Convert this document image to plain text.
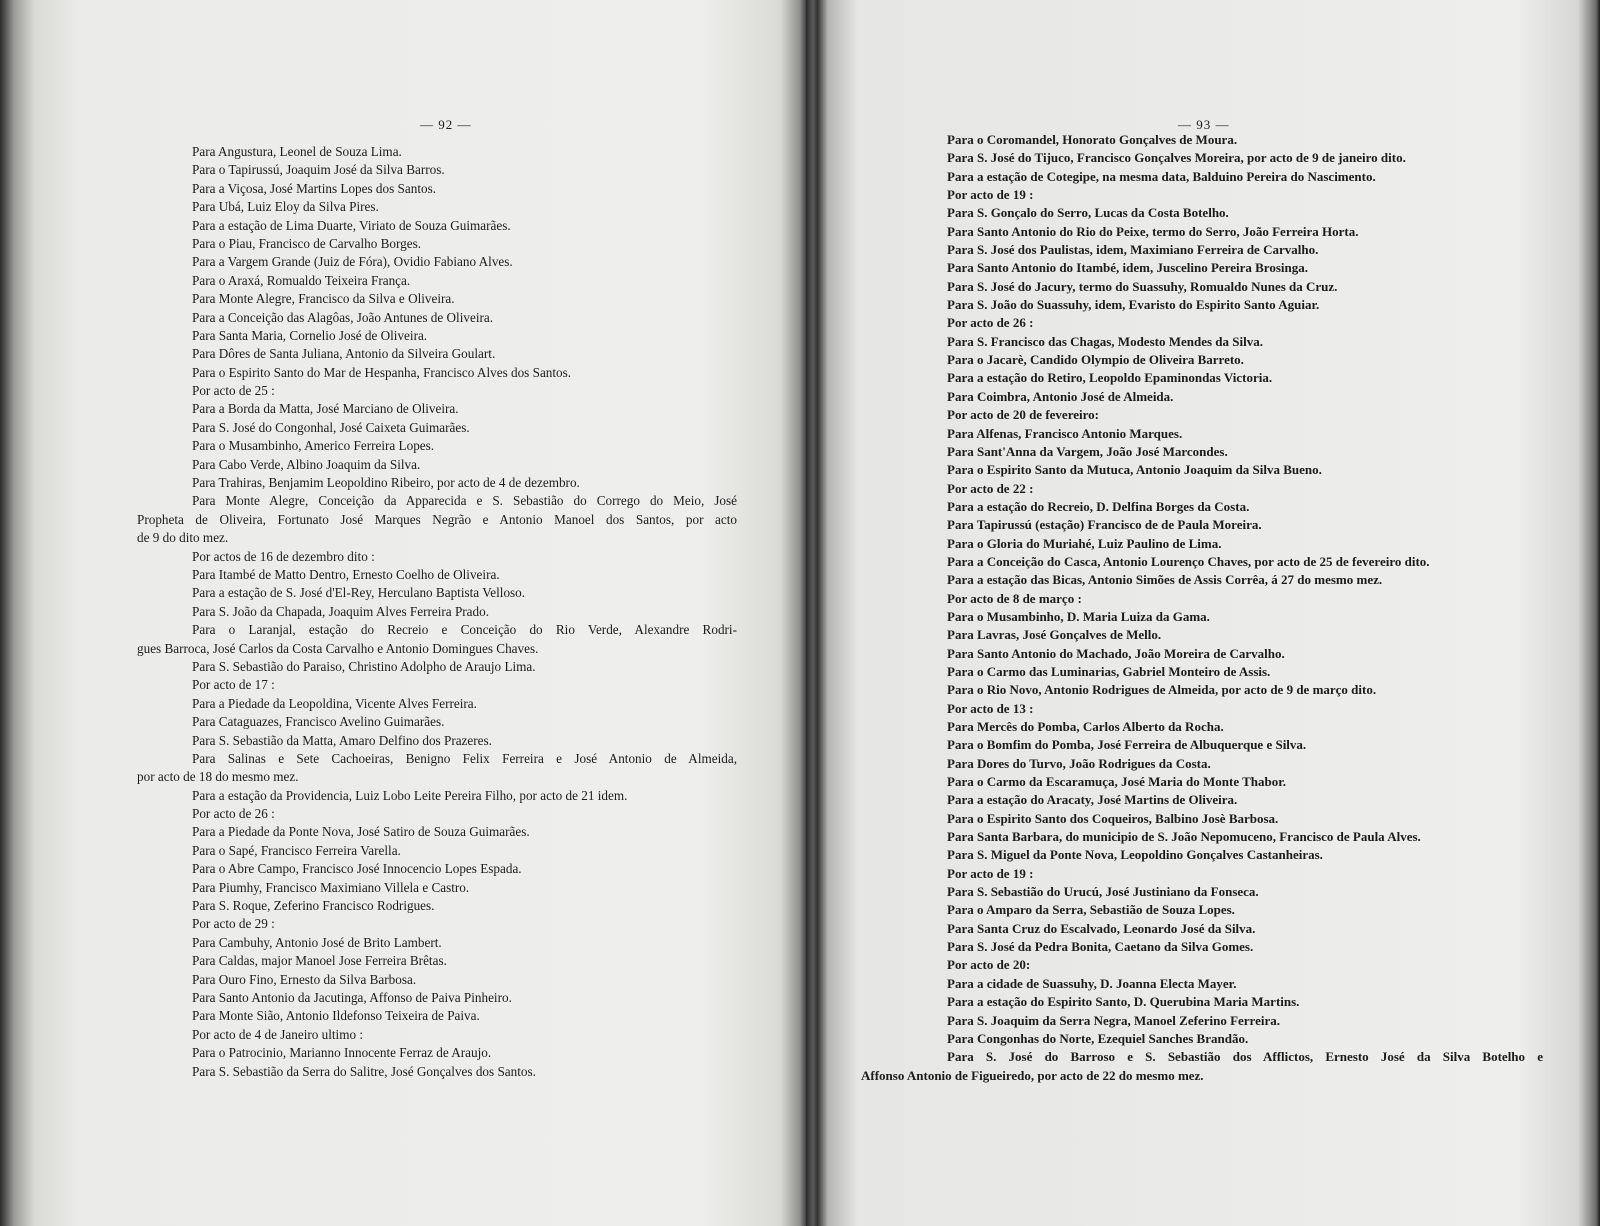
— 92 —
Para Angustura, Leonel de Souza Lima.
Para o Tapirussú, Joaquim José da Silva Barros.
Para a Viçosa, José Martins Lopes dos Santos.
Para Ubá, Luiz Eloy da Silva Pires.
Para a estação de Lima Duarte, Viriato de Souza Guimarães.
Para o Piau, Francisco de Carvalho Borges.
Para a Vargem Grande (Juiz de Fóra), Ovidio Fabiano Alves.
Para o Araxá, Romualdo Teixeira França.
Para Monte Alegre, Francisco da Silva e Oliveira.
Para a Conceição das Alagôas, João Antunes de Oliveira.
Para Santa Maria, Cornelio José de Oliveira.
Para Dôres de Santa Juliana, Antonio da Silveira Goulart.
Para o Espirito Santo do Mar de Hespanha, Francisco Alves dos Santos.
Por acto de 25 :
Para a Borda da Matta, José Marciano de Oliveira.
Para S. José do Congonhal, José Caixeta Guimarães.
Para o Musambinho, Americo Ferreira Lopes.
Para Cabo Verde, Albino Joaquim da Silva.
Para Trahiras, Benjamim Leopoldino Ribeiro, por acto de 4 de dezembro.
Para Monte Alegre, Conceição da Apparecida e S. Sebastião do Corrego do Meio, José
Propheta de Oliveira, Fortunato José Marques Negrão e Antonio Manoel dos Santos, por acto
de 9 do dito mez.
Por actos de 16 de dezembro dito :
Para Itambé de Matto Dentro, Ernesto Coelho de Oliveira.
Para a estação de S. José d'El-Rey, Herculano Baptista Velloso.
Para S. João da Chapada, Joaquim Alves Ferreira Prado.
Para o Laranjal, estação do Recreio e Conceição do Rio Verde, Alexandre Rodri-
gues Barroca, José Carlos da Costa Carvalho e Antonio Domingues Chaves.
Para S. Sebastião do Paraiso, Christino Adolpho de Araujo Lima.
Por acto de 17 :
Para a Piedade da Leopoldina, Vicente Alves Ferreira.
Para Cataguazes, Francisco Avelino Guimarães.
Para S. Sebastião da Matta, Amaro Delfino dos Prazeres.
Para Salinas e Sete Cachoeiras, Benigno Felix Ferreira e José Antonio de Almeida,
por acto de 18 do mesmo mez.
Para a estação da Providencia, Luiz Lobo Leite Pereira Filho, por acto de 21 idem.
Por acto de 26 :
Para a Piedade da Ponte Nova, José Satiro de Souza Guimarães.
Para o Sapé, Francisco Ferreira Varella.
Para o Abre Campo, Francisco José Innocencio Lopes Espada.
Para Piumhy, Francisco Maximiano Villela e Castro.
Para S. Roque, Zeferino Francisco Rodrigues.
Por acto de 29 :
Para Cambuhy, Antonio José de Brito Lambert.
Para Caldas, major Manoel Jose Ferreira Brêtas.
Para Ouro Fino, Ernesto da Silva Barbosa.
Para Santo Antonio da Jacutinga, Affonso de Paiva Pinheiro.
Para Monte Sião, Antonio Ildefonso Teixeira de Paiva.
Por acto de 4 de Janeiro ultimo :
Para o Patrocinio, Marianno Innocente Ferraz de Araujo.
Para S. Sebastião da Serra do Salitre, José Gonçalves dos Santos.
— 93 —
Para o Coromandel, Honorato Gonçalves de Moura.
Para S. José do Tijuco, Francisco Gonçalves Moreira, por acto de 9 de janeiro dito.
Para a estação de Cotegipe, na mesma data, Balduino Pereira do Nascimento.
Por acto de 19 :
Para S. Gonçalo do Serro, Lucas da Costa Botelho.
Para Santo Antonio do Rio do Peixe, termo do Serro, João Ferreira Horta.
Para S. José dos Paulistas, idem, Maximiano Ferreira de Carvalho.
Para Santo Antonio do Itambé, idem, Juscelino Pereira Brosinga.
Para S. José do Jacury, termo do Suassuhy, Romualdo Nunes da Cruz.
Para S. João do Suassuhy, idem, Evaristo do Espirito Santo Aguiar.
Por acto de 26 :
Para S. Francisco das Chagas, Modesto Mendes da Silva.
Para o Jacarè, Candido Olympio de Oliveira Barreto.
Para a estação do Retiro, Leopoldo Epaminondas Victoria.
Para Coimbra, Antonio José de Almeida.
Por acto de 20 de fevereiro:
Para Alfenas, Francisco Antonio Marques.
Para Sant'Anna da Vargem, João José Marcondes.
Para o Espirito Santo da Mutuca, Antonio Joaquim da Silva Bueno.
Por acto de 22 :
Para a estação do Recreio, D. Delfina Borges da Costa.
Para Tapirussú (estação) Francisco de de Paula Moreira.
Para o Gloria do Muriahé, Luiz Paulino de Lima.
Para a Conceição do Casca, Antonio Lourenço Chaves, por acto de 25 de fevereiro dito.
Para a estação das Bicas, Antonio Simões de Assis Corrêa, á 27 do mesmo mez.
Por acto de 8 de março :
Para o Musambinho, D. Maria Luiza da Gama.
Para Lavras, José Gonçalves de Mello.
Para Santo Antonio do Machado, João Moreira de Carvalho.
Para o Carmo das Luminarias, Gabriel Monteiro de Assis.
Para o Rio Novo, Antonio Rodrigues de Almeida, por acto de 9 de março dito.
Por acto de 13 :
Para Mercês do Pomba, Carlos Alberto da Rocha.
Para o Bomfim do Pomba, José Ferreira de Albuquerque e Silva.
Para Dores do Turvo, João Rodrigues da Costa.
Para o Carmo da Escaramuça, José Maria do Monte Thabor.
Para a estação do Aracaty, José Martins de Oliveira.
Para o Espirito Santo dos Coqueiros, Balbino Josè Barbosa.
Para Santa Barbara, do municipio de S. João Nepomuceno, Francisco de Paula Alves.
Para S. Miguel da Ponte Nova, Leopoldino Gonçalves Castanheiras.
Por acto de 19 :
Para S. Sebastião do Urucú, José Justiniano da Fonseca.
Para o Amparo da Serra, Sebastião de Souza Lopes.
Para Santa Cruz do Escalvado, Leonardo José da Silva.
Para S. José da Pedra Bonita, Caetano da Silva Gomes.
Por acto de 20:
Para a cidade de Suassuhy, D. Joanna Electa Mayer.
Para a estação do Espirito Santo, D. Querubina Maria Martins.
Para S. Joaquim da Serra Negra, Manoel Zeferino Ferreira.
Para Congonhas do Norte, Ezequiel Sanches Brandão.
Para S. José do Barroso e S. Sebastião dos Afflictos, Ernesto José da Silva Botelho e
Affonso Antonio de Figueiredo, por acto de 22 do mesmo mez.
